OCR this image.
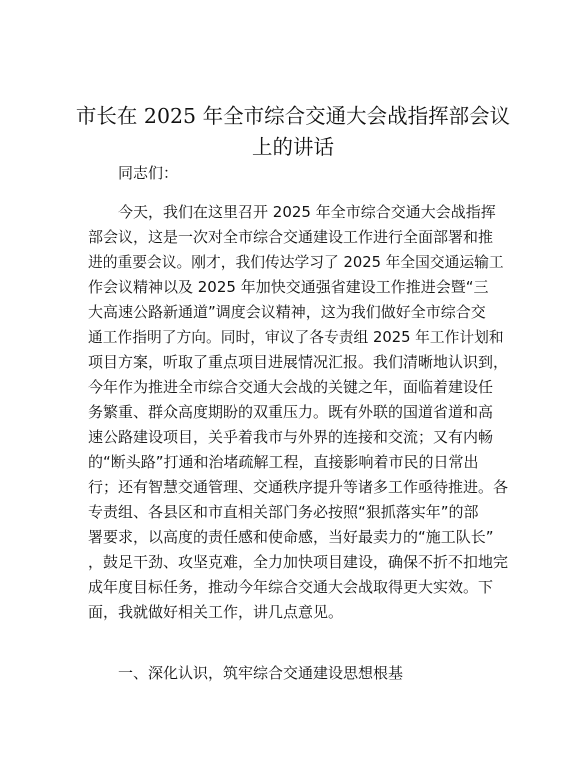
市长在 2025 年全市综合交通大会战指挥部会议
上的讲话

同志们：

今天，我们在这里召开 2025 年全市综合交通大会战指挥
部会议，这是一次对全市综合交通建设工作进行全面部署和推
进的重要会议。刚才，我们传达学习了 2025 年全国交通运输工
作会议精神以及 2025 年加快交通强省建设工作推进会暨“三
大高速公路新通道”调度会议精神，这为我们做好全市综合交
通工作指明了方向。同时，审议了各专责组 2025 年工作计划和
项目方案，听取了重点项目进展情况汇报。我们清晰地认识到，
今年作为推进全市综合交通大会战的关键之年，面临着建设任
务繁重、群众高度期盼的双重压力。既有外联的国道省道和高
速公路建设项目，关乎着我市与外界的连接和交流；又有内畅
的“断头路”打通和治堵疏解工程，直接影响着市民的日常出
行；还有智慧交通管理、交通秩序提升等诸多工作亟待推进。各
专责组、各县区和市直相关部门务必按照“狠抓落实年”的部
署要求，以高度的责任感和使命感，当好最卖力的“施工队长”
，鼓足干劲、攻坚克难，全力加快项目建设，确保不折不扣地完
成年度目标任务，推动今年综合交通大会战取得更大实效。下
面，我就做好相关工作，讲几点意见。

一、深化认识，筑牢综合交通建设思想根基
